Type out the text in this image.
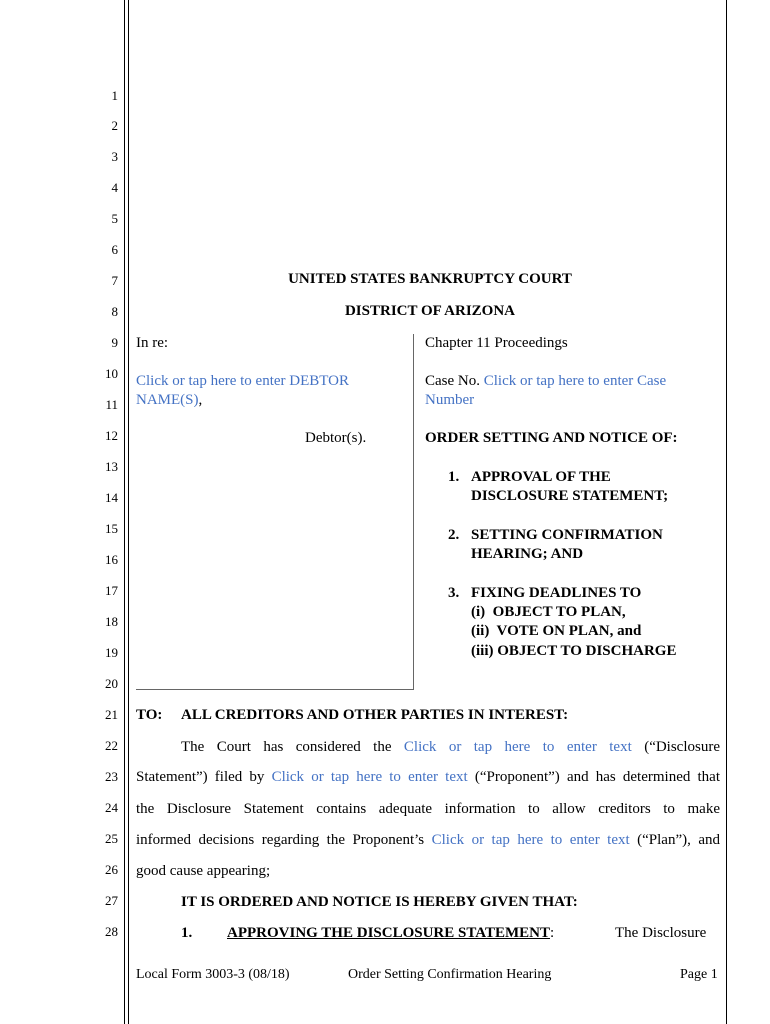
1
2
3
4
5
6
7
8
9
10
11
12
13
14
15
16
17
18
19
20
21
22
23
24
25
26
27
28
UNITED STATES BANKRUPTCY COURT
DISTRICT OF ARIZONA
In re:
Click or tap here to enter DEBTOR
NAME(S),
Debtor(s).
Chapter 11 Proceedings
Case No. Click or tap here to enter Case
Number
ORDER SETTING AND NOTICE OF:
1. APPROVAL OF THE
DISCLOSURE STATEMENT;
2. SETTING CONFIRMATION
HEARING; AND
3. FIXING DEADLINES TO
(i)  OBJECT TO PLAN,
(ii)  VOTE ON PLAN, and
(iii) OBJECT TO DISCHARGE
TO: ALL CREDITORS AND OTHER PARTIES IN INTEREST:
The Court has considered the Click or tap here to enter text (“Disclosure
Statement”) filed by Click or tap here to enter text (“Proponent”) and has determined that
the Disclosure Statement contains adequate information to allow creditors to make
informed decisions regarding the Proponent’s Click or tap here to enter text (“Plan”), and
good cause appearing;
IT IS ORDERED AND NOTICE IS HEREBY GIVEN THAT:
1. APPROVING THE DISCLOSURE STATEMENT:	The Disclosure
Local Form 3003-3 (08/18)	Order Setting Confirmation Hearing	Page 1
